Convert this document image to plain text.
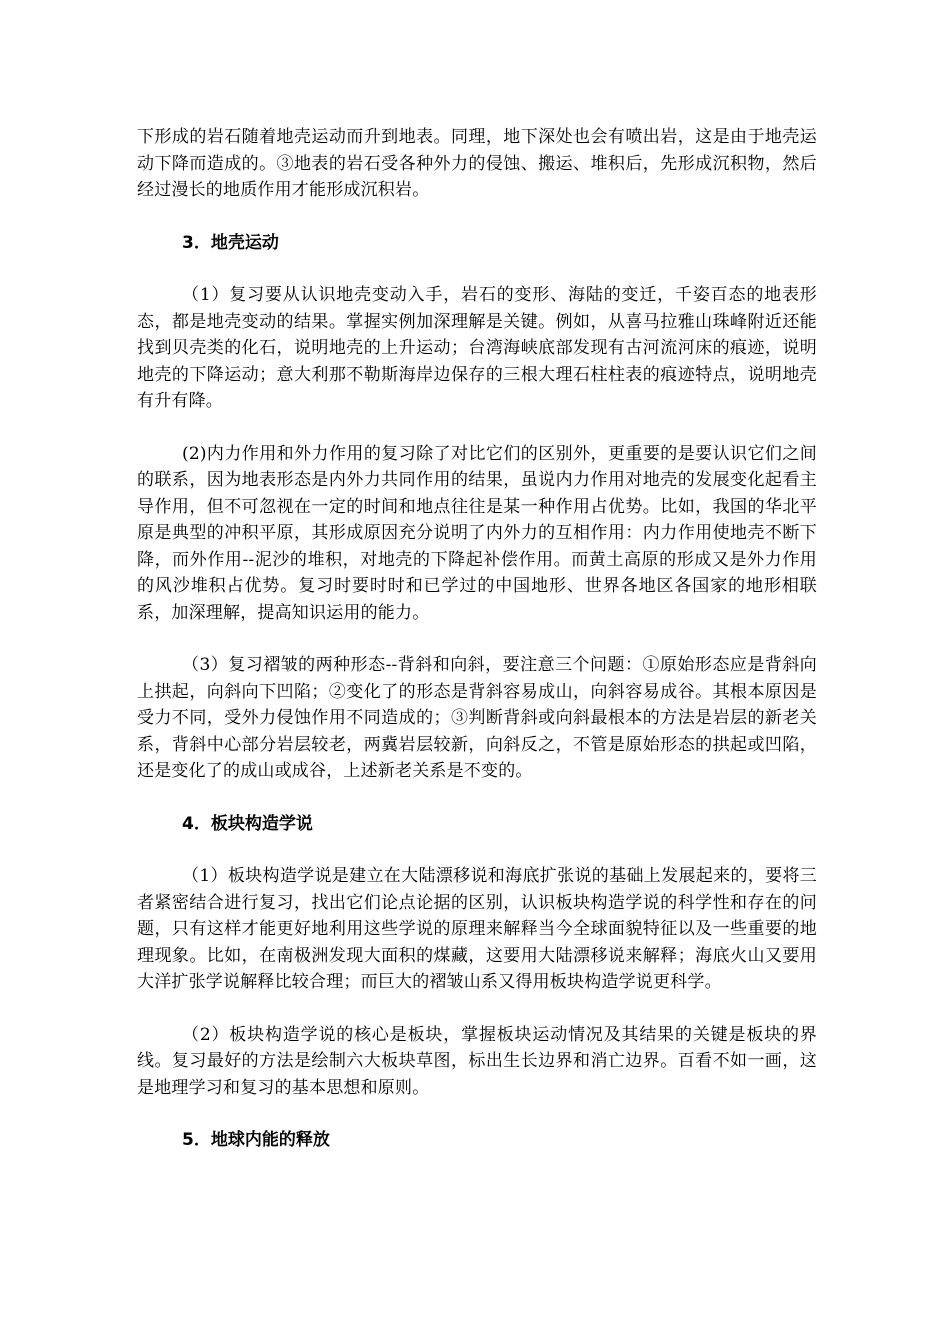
下形成的岩石随着地壳运动而升到地表。同理，地下深处也会有喷出岩，这是由于地壳运动下降而造成的。③地表的岩石受各种外力的侵蚀、搬运、堆积后，先形成沉积物，然后经过漫长的地质作用才能形成沉积岩。

3．地壳运动

（1）复习要从认识地壳变动入手，岩石的变形、海陆的变迁，千姿百态的地表形态，都是地壳变动的结果。掌握实例加深理解是关键。例如，从喜马拉雅山珠峰附近还能找到贝壳类的化石，说明地壳的上升运动；台湾海峡底部发现有古河流河床的痕迹，说明地壳的下降运动；意大利那不勒斯海岸边保存的三根大理石柱柱表的痕迹特点，说明地壳有升有降。

(2)内力作用和外力作用的复习除了对比它们的区别外，更重要的是要认识它们之间的联系，因为地表形态是内外力共同作用的结果，虽说内力作用对地壳的发展变化起看主导作用，但不可忽视在一定的时间和地点往往是某一种作用占优势。比如，我国的华北平原是典型的冲积平原，其形成原因充分说明了内外力的互相作用：内力作用使地壳不断下降，而外作用--泥沙的堆积，对地壳的下降起补偿作用。而黄土高原的形成又是外力作用的风沙堆积占优势。复习时要时时和已学过的中国地形、世界各地区各国家的地形相联系，加深理解，提高知识运用的能力。

（3）复习褶皱的两种形态--背斜和向斜，要注意三个问题：①原始形态应是背斜向上拱起，向斜向下凹陷；②变化了的形态是背斜容易成山，向斜容易成谷。其根本原因是受力不同，受外力侵蚀作用不同造成的；③判断背斜或向斜最根本的方法是岩层的新老关系，背斜中心部分岩层较老，两冀岩层较新，向斜反之，不管是原始形态的拱起或凹陷，还是变化了的成山或成谷，上述新老关系是不变的。

4．板块构造学说

（1）板块构造学说是建立在大陆漂移说和海底扩张说的基础上发展起来的，要将三者紧密结合进行复习，找出它们论点论据的区别，认识板块构造学说的科学性和存在的问题，只有这样才能更好地利用这些学说的原理来解释当今全球面貌特征以及一些重要的地理现象。比如，在南极洲发现大面积的煤藏，这要用大陆漂移说来解释；海底火山又要用大洋扩张学说解释比较合理；而巨大的褶皱山系又得用板块构造学说更科学。

（2）板块构造学说的核心是板块，掌握板块运动情况及其结果的关键是板块的界线。复习最好的方法是绘制六大板块草图，标出生长边界和消亡边界。百看不如一画，这是地理学习和复习的基本思想和原则。

5．地球内能的释放
